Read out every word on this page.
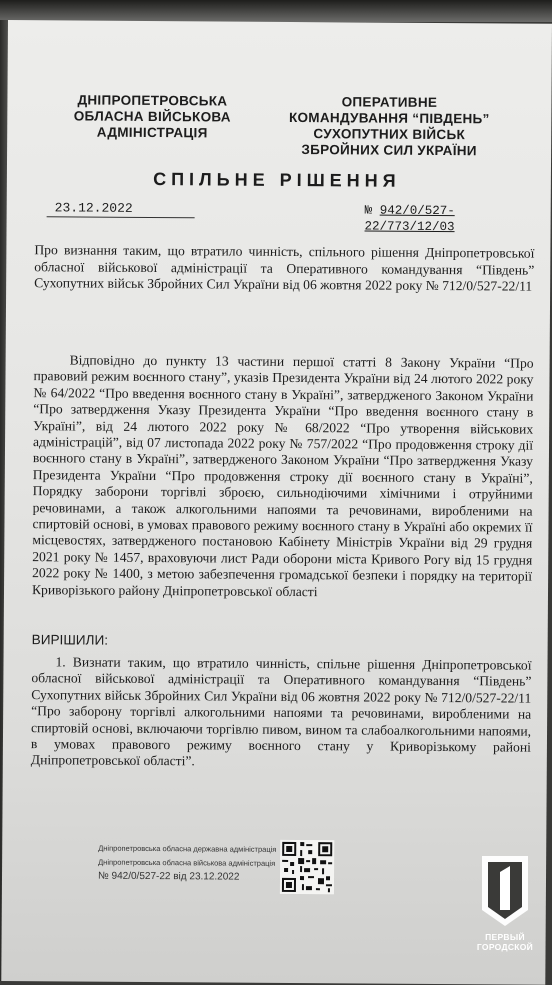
ДНІПРОПЕТРОВСЬКА
ОБЛАСНА ВІЙСЬКОВА
АДМІНІСТРАЦІЯ
ОПЕРАТИВНЕ
КОМАНДУВАННЯ “ПІВДЕНЬ”
СУХОПУТНИХ ВІЙСЬК
ЗБРОЙНИХ СИЛ УКРАЇНИ
СПІЛЬНЕ РІШЕННЯ
23.12.2022	№ 942/0/527-22/773/12/03
Про визнання таким, що втратило чинність, спільного рішення Дніпропетровської обласної військової адміністрації та Оперативного командування “Південь” Сухопутних військ Збройних Сил України від 06 жовтня 2022 року № 712/0/527-22/11
Відповідно до пункту 13 частини першої статті 8 Закону України “Про правовий режим воєнного стану”, указів Президента України від 24 лютого 2022 року № 64/2022 “Про введення воєнного стану в Україні”, затвердженого Законом України “Про затвердження Указу Президента України “Про введення воєнного стану в Україні”, від 24 лютого 2022 року № 68/2022 “Про утворення військових адміністрацій”, від 07 листопада 2022 року № 757/2022 “Про продовження строку дії воєнного стану в Україні”, затвердженого Законом України “Про затвердження Указу Президента України “Про продовження строку дії воєнного стану в Україні”, Порядку заборони торгівлі зброєю, сильнодіючими хімічними і отруйними речовинами, а також алкогольними напоями та речовинами, виробленими на спиртовій основі, в умовах правового режиму воєнного стану в Україні або окремих її місцевостях, затвердженого постановою Кабінету Міністрів України від 29 грудня 2021 року № 1457, враховуючи лист Ради оборони міста Кривого Рогу від 15 грудня 2022 року № 1400, з метою забезпечення громадської безпеки і порядку на території Криворізького району Дніпропетровської області
ВИРІШИЛИ:
1. Визнати таким, що втратило чинність, спільне рішення Дніпропетровської обласної військової адміністрації та Оперативного командування “Південь” Сухопутних військ Збройних Сил України від 06 жовтня 2022 року № 712/0/527-22/11 “Про заборону торгівлі алкогольними напоями та речовинами, виробленими на спиртовій основі, включаючи торгівлю пивом, вином та слабоалкогольними напоями, в умовах правового режиму воєнного стану у Криворізькому районі Дніпропетровської області”.
Дніпропетровська обласна державна адміністрація
Дніпропетровська обласна військова адміністрація
№ 942/0/527-22 від 23.12.2022
ПЕРВЫЙ
ГОРОДСКОЙ
